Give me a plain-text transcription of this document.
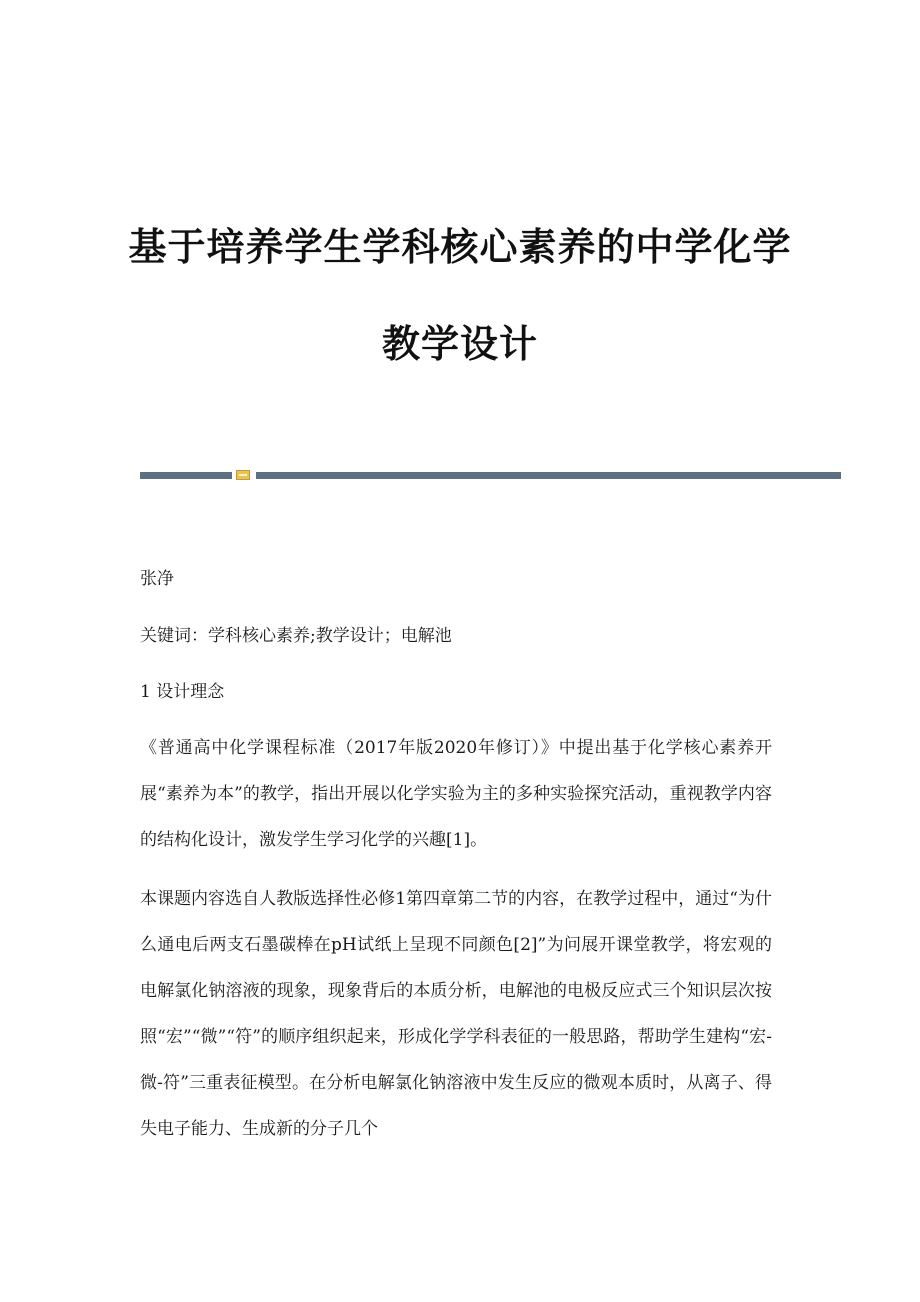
基于培养学生学科核心素养的中学化学
教学设计
张净
关键词：学科核心素养;教学设计；电解池
1 设计理念
《普通高中化学课程标准（2017年版2020年修订）》中提出基于化学核心素养开展“素养为本”的教学，指出开展以化学实验为主的多种实验探究活动，重视教学内容的结构化设计，激发学生学习化学的兴趣[1]。
本课题内容选自人教版选择性必修1第四章第二节的内容，在教学过程中，通过“为什么通电后两支石墨碳棒在pH试纸上呈现不同颜色[2]”为问展开课堂教学，将宏观的电解氯化钠溶液的现象，现象背后的本质分析，电解池的电极反应式三个知识层次按照“宏”“微”“符”的顺序组织起来，形成化学学科表征的一般思路，帮助学生建构“宏-微-符”三重表征模型。在分析电解氯化钠溶液中发生反应的微观本质时，从离子、得失电子能力、生成新的分子几个
